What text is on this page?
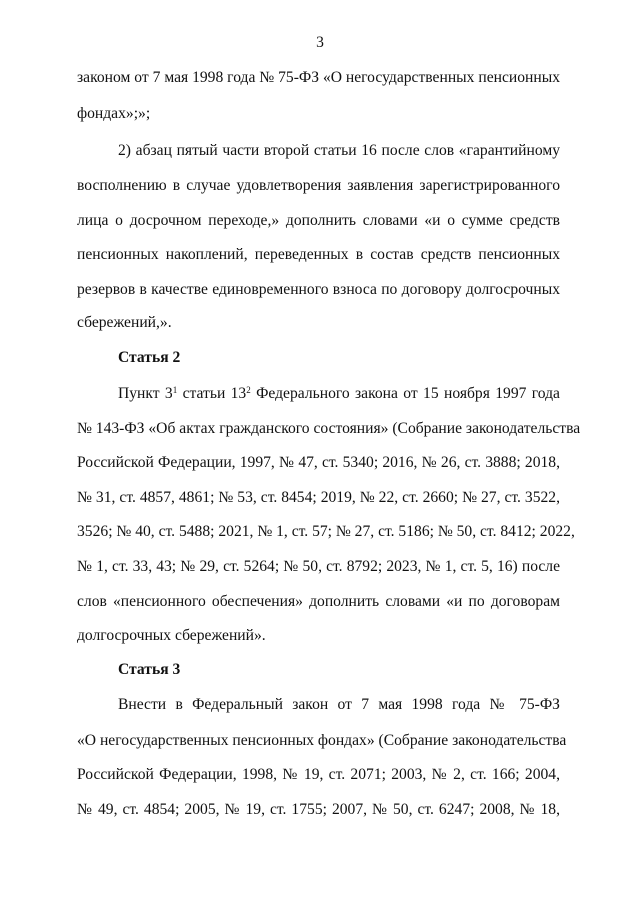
3
законом от 7 мая 1998 года № 75-ФЗ «О негосударственных пенсионных
фондах»;»;
2) абзац пятый части второй статьи 16 после слов «гарантийному
восполнению в случае удовлетворения заявления зарегистрированного
лица о досрочном переходе,» дополнить словами «и о сумме средств
пенсионных накоплений, переведенных в состав средств пенсионных
резервов в качестве единовременного взноса по договору долгосрочных
сбережений,».
Статья 2
Пункт $3^1$ статьи $13^2$ Федерального закона от 15 ноября 1997 года
№ 143-ФЗ «Об актах гражданского состояния» (Собрание законодательства
Российской Федерации, 1997, № 47, ст. 5340; 2016, № 26, ст. 3888; 2018,
№ 31, ст. 4857, 4861; № 53, ст. 8454; 2019, № 22, ст. 2660; № 27, ст. 3522,
3526; № 40, ст. 5488; 2021, № 1, ст. 57; № 27, ст. 5186; № 50, ст. 8412; 2022,
№ 1, ст. 33, 43; № 29, ст. 5264; № 50, ст. 8792; 2023, № 1, ст. 5, 16) после
слов «пенсионного обеспечения» дополнить словами «и по договорам
долгосрочных сбережений».
Статья 3
Внести в Федеральный закон от 7 мая 1998 года № 75-ФЗ
«О негосударственных пенсионных фондах» (Собрание законодательства
Российской Федерации, 1998, № 19, ст. 2071; 2003, № 2, ст. 166; 2004,
№ 49, ст. 4854; 2005, № 19, ст. 1755; 2007, № 50, ст. 6247; 2008, № 18,
